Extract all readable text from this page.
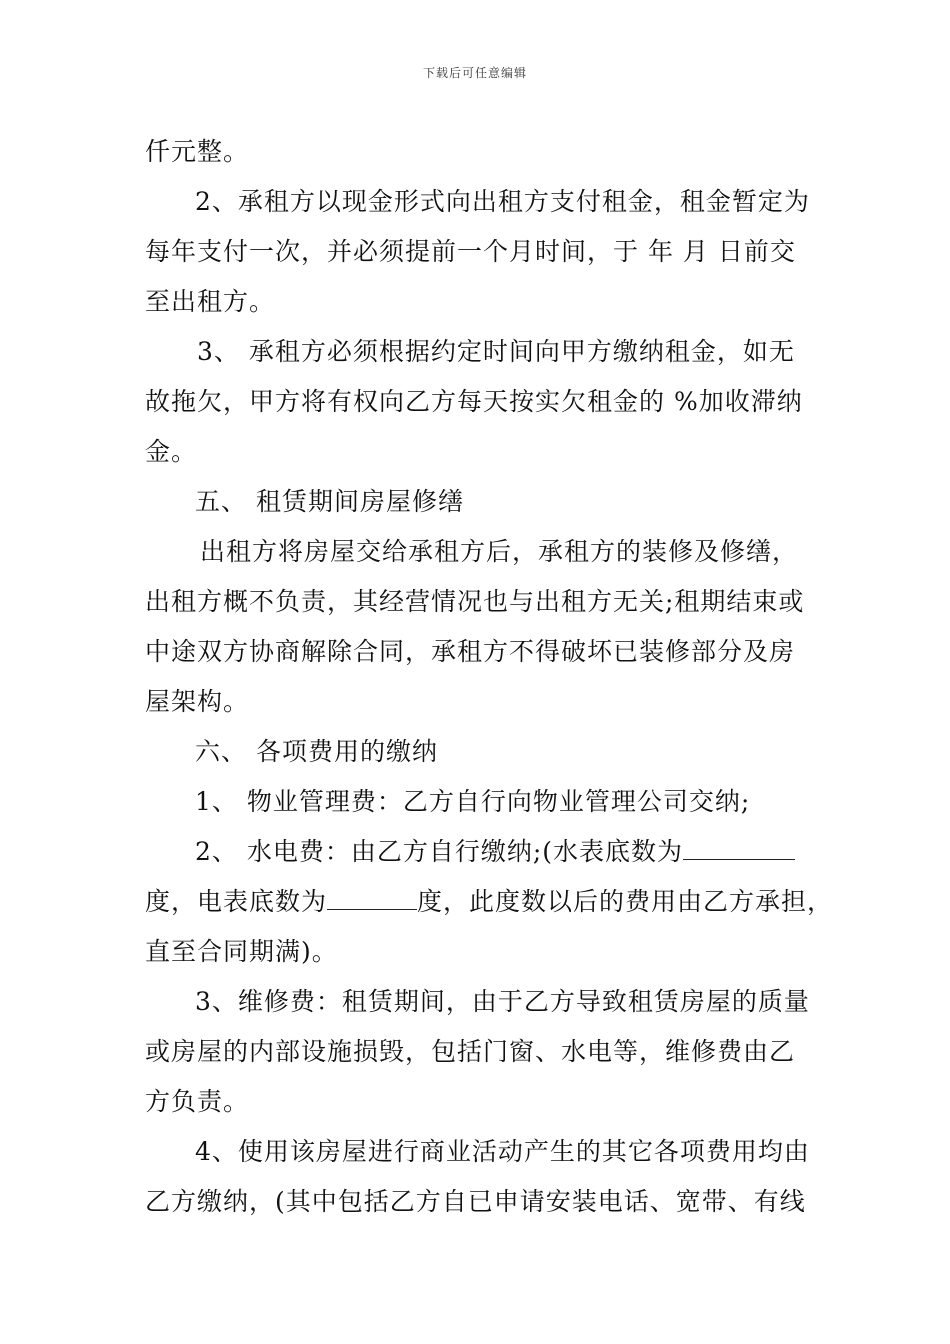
下载后可任意编辑
仟元整。
2、承租方以现金形式向出租方支付租金，租金暂定为
每年支付一次，并必须提前一个月时间，于 年 月 日前交
至出租方。
3、 承租方必须根据约定时间向甲方缴纳租金，如无
故拖欠，甲方将有权向乙方每天按实欠租金的 %加收滞纳
金。
五、 租赁期间房屋修缮
出租方将房屋交给承租方后，承租方的装修及修缮，
出租方概不负责，其经营情况也与出租方无关;租期结束或
中途双方协商解除合同，承租方不得破坏已装修部分及房
屋架构。
六、 各项费用的缴纳
1、 物业管理费：乙方自行向物业管理公司交纳;
2、 水电费：由乙方自行缴纳;(水表底数为
度，电表底数为	度，此度数以后的费用由乙方承担，
直至合同期满)。
3、维修费：租赁期间，由于乙方导致租赁房屋的质量
或房屋的内部设施损毁，包括门窗、水电等，维修费由乙
方负责。
4、使用该房屋进行商业活动产生的其它各项费用均由
乙方缴纳，(其中包括乙方自已申请安装电话、宽带、有线
